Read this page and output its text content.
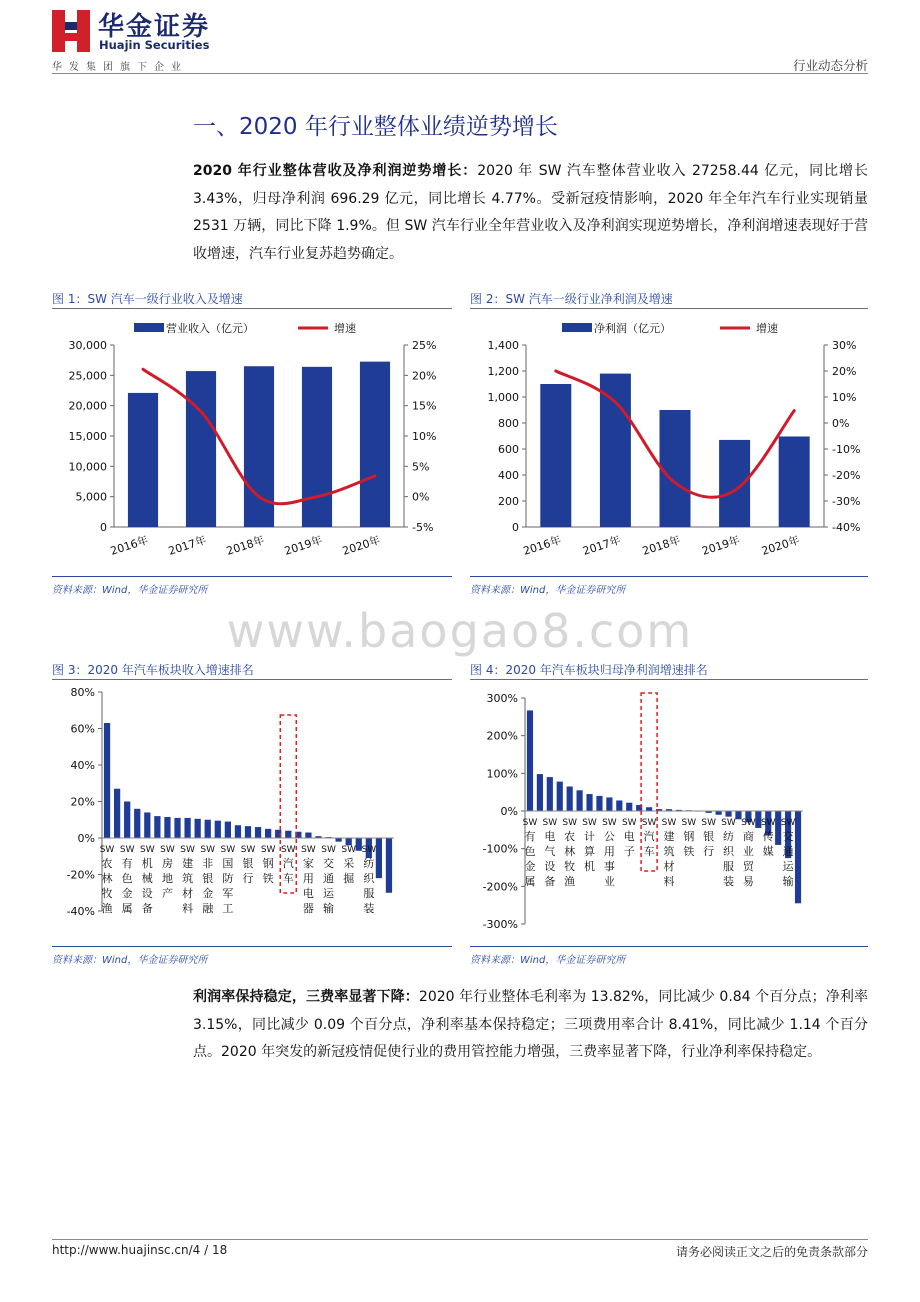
华金证券
Huajin Securities
华发集团旗下企业	行业动态分析
一、2020 年行业整体业绩逆势增长
2020 年行业整体营收及净利润逆势增长：2020 年 SW 汽车整体营业收入 27258.44 亿元，同比增长 3.43%，归母净利润 696.29 亿元，同比增长 4.77%。受新冠疫情影响，2020 年全年汽车行业实现销量 2531 万辆，同比下降 1.9%。但 SW 汽车行业全年营业收入及净利润实现逆势增长，净利润增速表现好于营收增速，汽车行业复苏趋势确定。
图 1：SW 汽车一级行业收入及增速
营业收入（亿元）	增速
0
5,000
10,000
15,000
20,000
25,000
30,000
-5%
0%
5%
10%
15%
20%
25%
2016年 2017年 2018年 2019年 2020年
资料来源：Wind，华金证券研究所
图 2：SW 汽车一级行业净利润及增速
净利润（亿元）	增速
0
200
400
600
800
1,000
1,200
1,400
-40%
-30%
-20%
-10%
0%
10%
20%
30%
2016年 2017年 2018年 2019年 2020年
资料来源：Wind，华金证券研究所
www.baogao8.com
图 3：2020 年汽车板块收入增速排名
-40%
-20%
0%
20%
40%
60%
80%
SW 农林牧渔
SW 有色金属
SW 机械设备
SW 房地产
SW 建筑材料
SW 非银金融
SW 国防军工
SW 银行
SW 钢铁
SW 汽车
SW 家用电器
SW 交通运输
SW 采掘
SW 纺织服装
资料来源：Wind，华金证券研究所
图 4：2020 年汽车板块归母净利润增速排名
-300%
-200%
-100%
0%
100%
200%
300%
SW 有色金属
SW 电气设备
SW 农林牧渔
SW 计算机
SW 公用事业
SW 电子
SW 汽车
SW 建筑材料
SW 钢铁
SW 银行
SW 纺织服装
SW 商业贸易
SW 传媒
SW 交通运输
资料来源：Wind，华金证券研究所
利润率保持稳定，三费率显著下降：2020 年行业整体毛利率为 13.82%，同比减少 0.84 个百分点；净利率 3.15%，同比减少 0.09 个百分点，净利率基本保持稳定；三项费用率合计 8.41%，同比减少 1.14 个百分点。2020 年突发的新冠疫情促使行业的费用管控能力增强，三费率显著下降，行业净利率保持稳定。
http://www.huajinsc.cn/4 / 18	请务必阅读正文之后的免责条款部分
